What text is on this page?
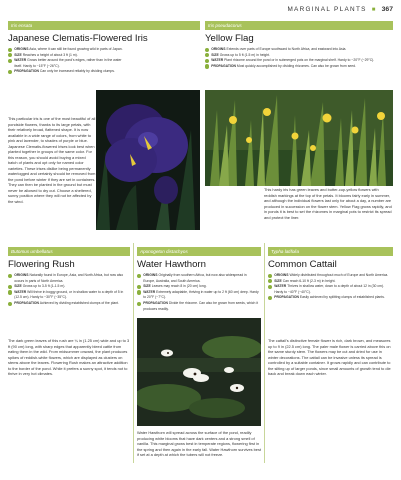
MARGINAL PLANTS ■ 367
Iris ensata
Japanese Clematis-Flowered Iris
ORIGINS Asia, where it can still be found growing wild in parts of Japan.
SIZE Reaches a height of about 3 ft (1 m).
WATER Grows better around the pond's edges, rather than in the water itself. Hardy to −15°F (−26°C).
PROPAGATION Can only be increased reliably by dividing clumps.
This particular iris is one of the most beautiful of all pondside flowers, thanks to its large petals, with their relatively broad, flattened shape. It is now available in a wide range of colors, from white to pink and lavender, to shades of purple or blue. Japanese Clematis-flowered Irises look best when planted together in groups of the same color. For this reason, you should avoid buying a mixed batch of plants and opt only for named color varieties. These irises dislike being permanently waterlogged and certainly should be removed from the pond before winter if they are set in containers. They can then be planted in the ground but must never be allowed to dry out. Choose a sheltered, sunny position where they will not be affected by the wind.
Iris pseudacorus
Yellow Flag
ORIGINS Extends over parts of Europe southward to North Africa, and eastward into Asia.
SIZE Grows up to 5 ft (1.5 m) in height.
WATER Plant rhizome around the pond or in submerged pots on the marginal shelf. Hardy to −20°F (−29°C).
PROPAGATION Most quickly accomplished by dividing rhizomes. Can also be grown from seed.
This hardy iris has green leaves and butter-cup-yellow flowers with reddish markings at the top of the petals. It blooms fairly early in summer, and although the individual flowers last only for about a day, a number are produced in succession on the flower stem. Yellow Flag grows rapidly, and in ponds it is best to set the rhizomes in marginal pots to restrict its spread and protect the liner.
Butomus umbellatus
Flowering Rush
ORIGINS Naturally found in Europe, Asia, and North Africa, but now also occurs in parts of North America.
SIZE Grows up to 3-5 ft (1-1.5 m).
WATER Will thrive in boggy ground, or in shallow water to a depth of 5 in (12.5 cm). Hardy to −30°F (−35°C).
PROPAGATION Achieved by dividing established clumps of the plant.
The dark green leaves of this rush are ¼ in (1.25 cm) wide and up to 3 ft (90 cm) long, with sharp edges that apparently bleed cattle from eating them in the wild. From midsummer onward, the plant produces spikes of reddish-white flowers, which are displayed as clusters on stems above the leaves. Flowering Rush makes an attractive addition to the border of the pond. While it prefers a sunny spot, it tends not to thrive in very hot climates.
Aponogeton distachyos
Water Hawthorn
ORIGINS Originally from southern Africa, but now also widespread in Europe, Australia, and South America.
SIZE Leaves may reach 8 in (20 cm) long.
WATER Extremely adaptable, thriving in water up to 2 ft (60 cm) deep. Hardy to 20°F (−7°C).
PROPAGATION Divide the rhizome. Can also be grown from seeds, which it produces readily.
Water Hawthorn will spread across the surface of the pond, readily producing white blooms that have dark centers and a strong smell of vanilla. This marginal grows best in temperate regions, flowering first in the spring and then again in the early fall. Water Hawthorn survives best if set at a depth at which the tubers will not freeze.
Typha latifolia
Common Cattail
ORIGINS Widely distributed throughout much of Europe and North America.
SIZE Can reach 6-10 ft (2-3 m) in height.
WATER Thrives in shallow water, down to a depth of about 12 in (30 cm). Hardy to −40°F (−40°C).
PROPAGATION Easily achieved by splitting clumps of established plants.
The cattail's distinctive female flower is rich, dark brown, and measures up to 9 in (22.5 cm) long. The paler male flower is carried above this on the same sturdy stem. The flowers may be cut and dried for use in winter decorations. The cattail can be invasive unless its spread is controlled by a suitable container. It grows rapidly and can contribute to the silting up of larger ponds, since small amounts of growth tend to die back and break down each winter.
